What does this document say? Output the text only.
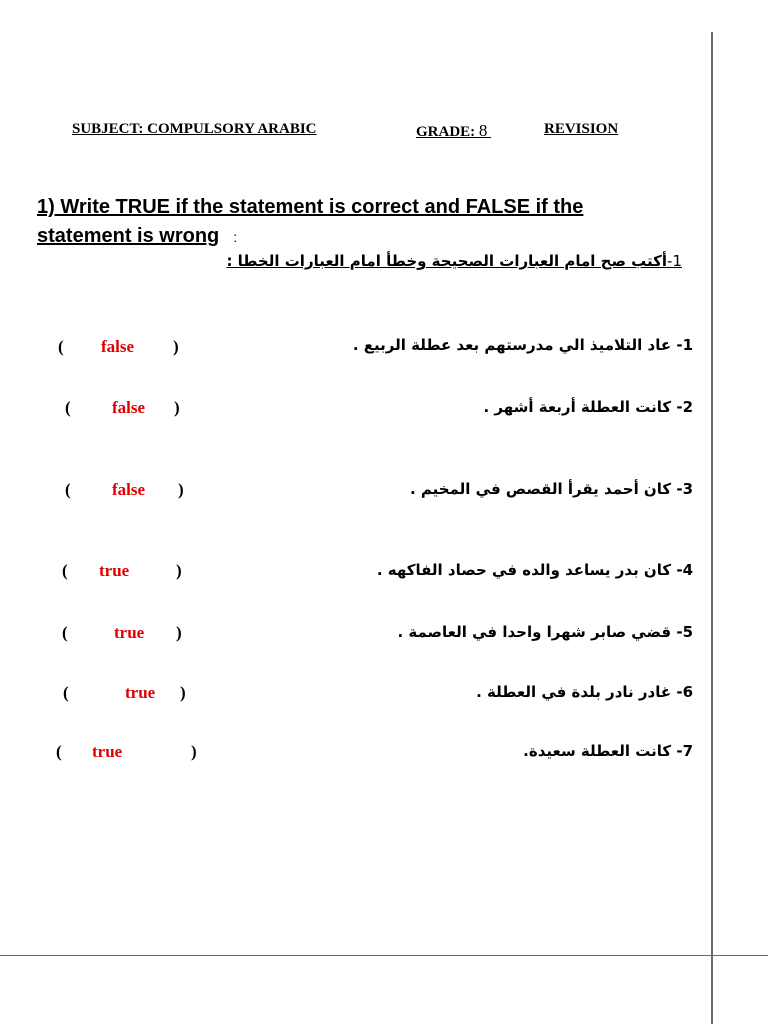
SUBJECT: COMPULSORY ARABIC	GRADE: 8	REVISION
1) Write TRUE if the statement is correct and FALSE if the
statement is wrong :
1-أكتب صح امام العبارات الصحيحة وخطأ امام العبارات الخطا :
1- عاد التلاميذ الي مدرستهم بعد عطلة الربيع .
( false )
2- كانت العطلة أربعة أشهر .
( false )
3- كان أحمد يقرأ القصص في المخيم .
( false )
4- كان بدر يساعد والده في حصاد الفاكهه .
( true	)
5- قضي صابر شهرا واحدا في العاصمة .
(	true )
6- غادر نادر بلدة في العطلة .
(	true )
7- كانت العطلة سعيدة.
( true	)
